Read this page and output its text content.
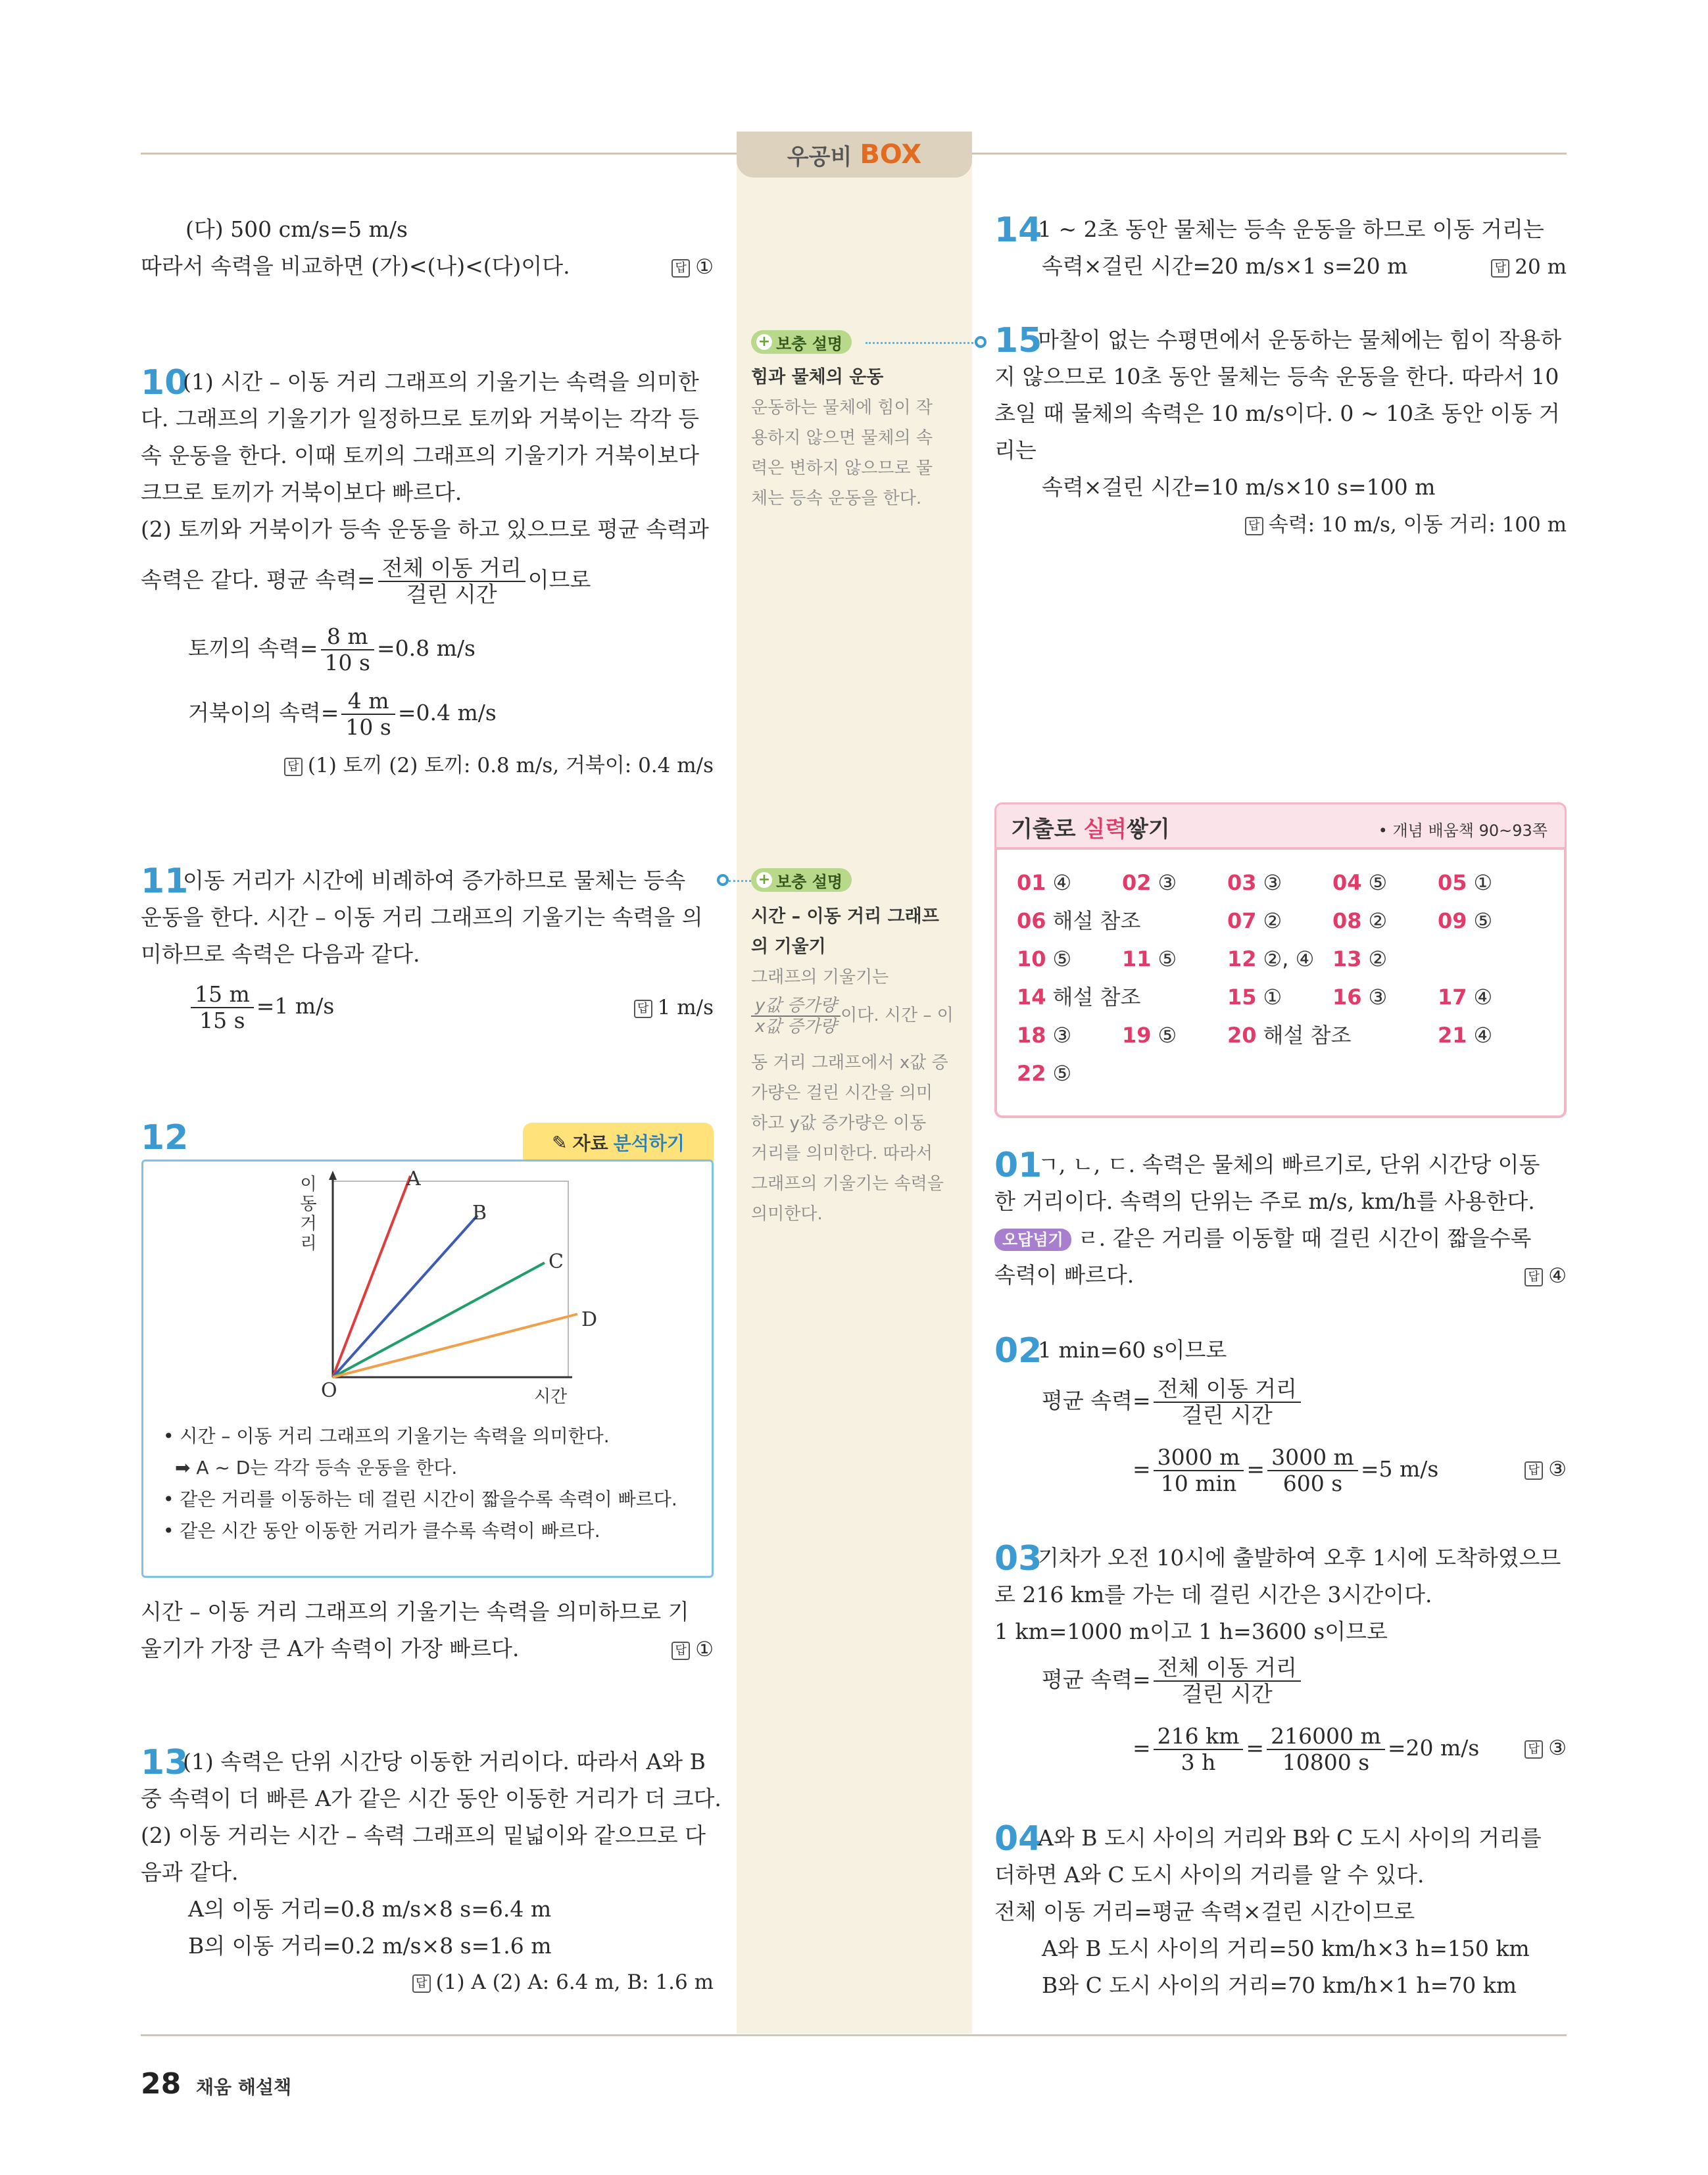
우공비 BOX
(다) 500 cm/s=5 m/s
따라서 속력을 비교하면 (가)<(나)<(다)이다.	답 ①
10
(1) 시간 – 이동 거리 그래프의 기울기는 속력을 의미한
다. 그래프의 기울기가 일정하므로 토끼와 거북이는 각각 등
속 운동을 한다. 이때 토끼의 그래프의 기울기가 거북이보다
크므로 토끼가 거북이보다 빠르다.
(2) 토끼와 거북이가 등속 운동을 하고 있으므로 평균 속력과
속력은 같다. 평균 속력= $\frac{\text{전체 이동 거리}}{\text{걸린 시간}}$ 이므로
토끼의 속력= $\frac{8 m}{10 s} =0.8$ m/s
거북이의 속력= $\frac{4 m}{10 s} =0.4$ m/s
답 (1) 토끼 (2) 토끼: 0.8 m/s, 거북이: 0.4 m/s
11
이동 거리가 시간에 비례하여 증가하므로 물체는 등속
운동을 한다. 시간 – 이동 거리 그래프의 기울기는 속력을 의
미하므로 속력은 다음과 같다.
$\frac{15 m}{15 s} =1$ m/s	답 1 m/s
12	✎ 자료 분석하기
A
B
C
D
O	시간
이동거리
• 시간 – 이동 거리 그래프의 기울기는 속력을 의미한다.
➡ A ~ D는 각각 등속 운동을 한다.
• 같은 거리를 이동하는 데 걸린 시간이 짧을수록 속력이 빠르다.
• 같은 시간 동안 이동한 거리가 클수록 속력이 빠르다.
시간 – 이동 거리 그래프의 기울기는 속력을 의미하므로 기
울기가 가장 큰 A가 속력이 가장 빠르다.	답 ①
13
(1) 속력은 단위 시간당 이동한 거리이다. 따라서 A와 B
중 속력이 더 빠른 A가 같은 시간 동안 이동한 거리가 더 크다.
(2) 이동 거리는 시간 – 속력 그래프의 밑넓이와 같으므로 다
음과 같다.
A의 이동 거리=0.8 m/s×8 s=6.4 m
B의 이동 거리=0.2 m/s×8 s=1.6 m
답 (1) A (2) A: 6.4 m, B: 1.6 m
+ 보충 설명
힘과 물체의 운동
운동하는 물체에 힘이 작
용하지 않으면 물체의 속
력은 변하지 않으므로 물
체는 등속 운동을 한다.
+ 보충 설명
시간 – 이동 거리 그래프
의 기울기
그래프의 기울기는
$\frac{\text{y값 증가량}}{\text{x값 증가량}}$ 이다. 시간 – 이
동 거리 그래프에서 x값 증
가량은 걸린 시간을 의미
하고 y값 증가량은 이동
거리를 의미한다. 따라서
그래프의 기울기는 속력을
의미한다.
14
1 ~ 2초 동안 물체는 등속 운동을 하므로 이동 거리는
속력×걸린 시간=20 m/s×1 s=20 m	답 20 m
15
마찰이 없는 수평면에서 운동하는 물체에는 힘이 작용하
지 않으므로 10초 동안 물체는 등속 운동을 한다. 따라서 10
초일 때 물체의 속력은 10 m/s이다. 0 ~ 10초 동안 이동 거
리는
속력×걸린 시간=10 m/s×10 s=100 m
답 속력: 10 m/s, 이동 거리: 100 m
기출로 실력쌓기	• 개념 배움책 90~93쪽
01 ④ 02 ③ 03 ③ 04 ⑤ 05 ①
06 해설 참조	07 ② 08 ② 09 ⑤
10 ⑤ 11 ⑤ 12 ②, ④ 13 ②
14 해설 참조	15 ① 16 ③ 17 ④
18 ③ 19 ⑤ 20 해설 참조	21 ④
22 ⑤
01
ㄱ, ㄴ, ㄷ. 속력은 물체의 빠르기로, 단위 시간당 이동
한 거리이다. 속력의 단위는 주로 m/s, km/h를 사용한다.
오답넘기 ㄹ. 같은 거리를 이동할 때 걸린 시간이 짧을수록
속력이 빠르다.	답 ④
02
1 min=60 s이므로
평균 속력= $\frac{\text{전체 이동 거리}}{\text{걸린 시간}}$
= $\frac{3000 m}{10 \min} = \frac{3000 m}{600 s} =5$ m/s	답 ③
03
기차가 오전 10시에 출발하여 오후 1시에 도착하였으므
로 216 km를 가는 데 걸린 시간은 3시간이다.
1 km=1000 m이고 1 h=3600 s이므로
평균 속력= $\frac{\text{전체 이동 거리}}{\text{걸린 시간}}$
= $\frac{216 km}{3 h} = \frac{216000 m}{10800 s} =20$ m/s	답 ③
04
A와 B 도시 사이의 거리와 B와 C 도시 사이의 거리를
더하면 A와 C 도시 사이의 거리를 알 수 있다.
전체 이동 거리=평균 속력×걸린 시간이므로
A와 B 도시 사이의 거리=50 km/h×3 h=150 km
B와 C 도시 사이의 거리=70 km/h×1 h=70 km
28 채움 해설책
